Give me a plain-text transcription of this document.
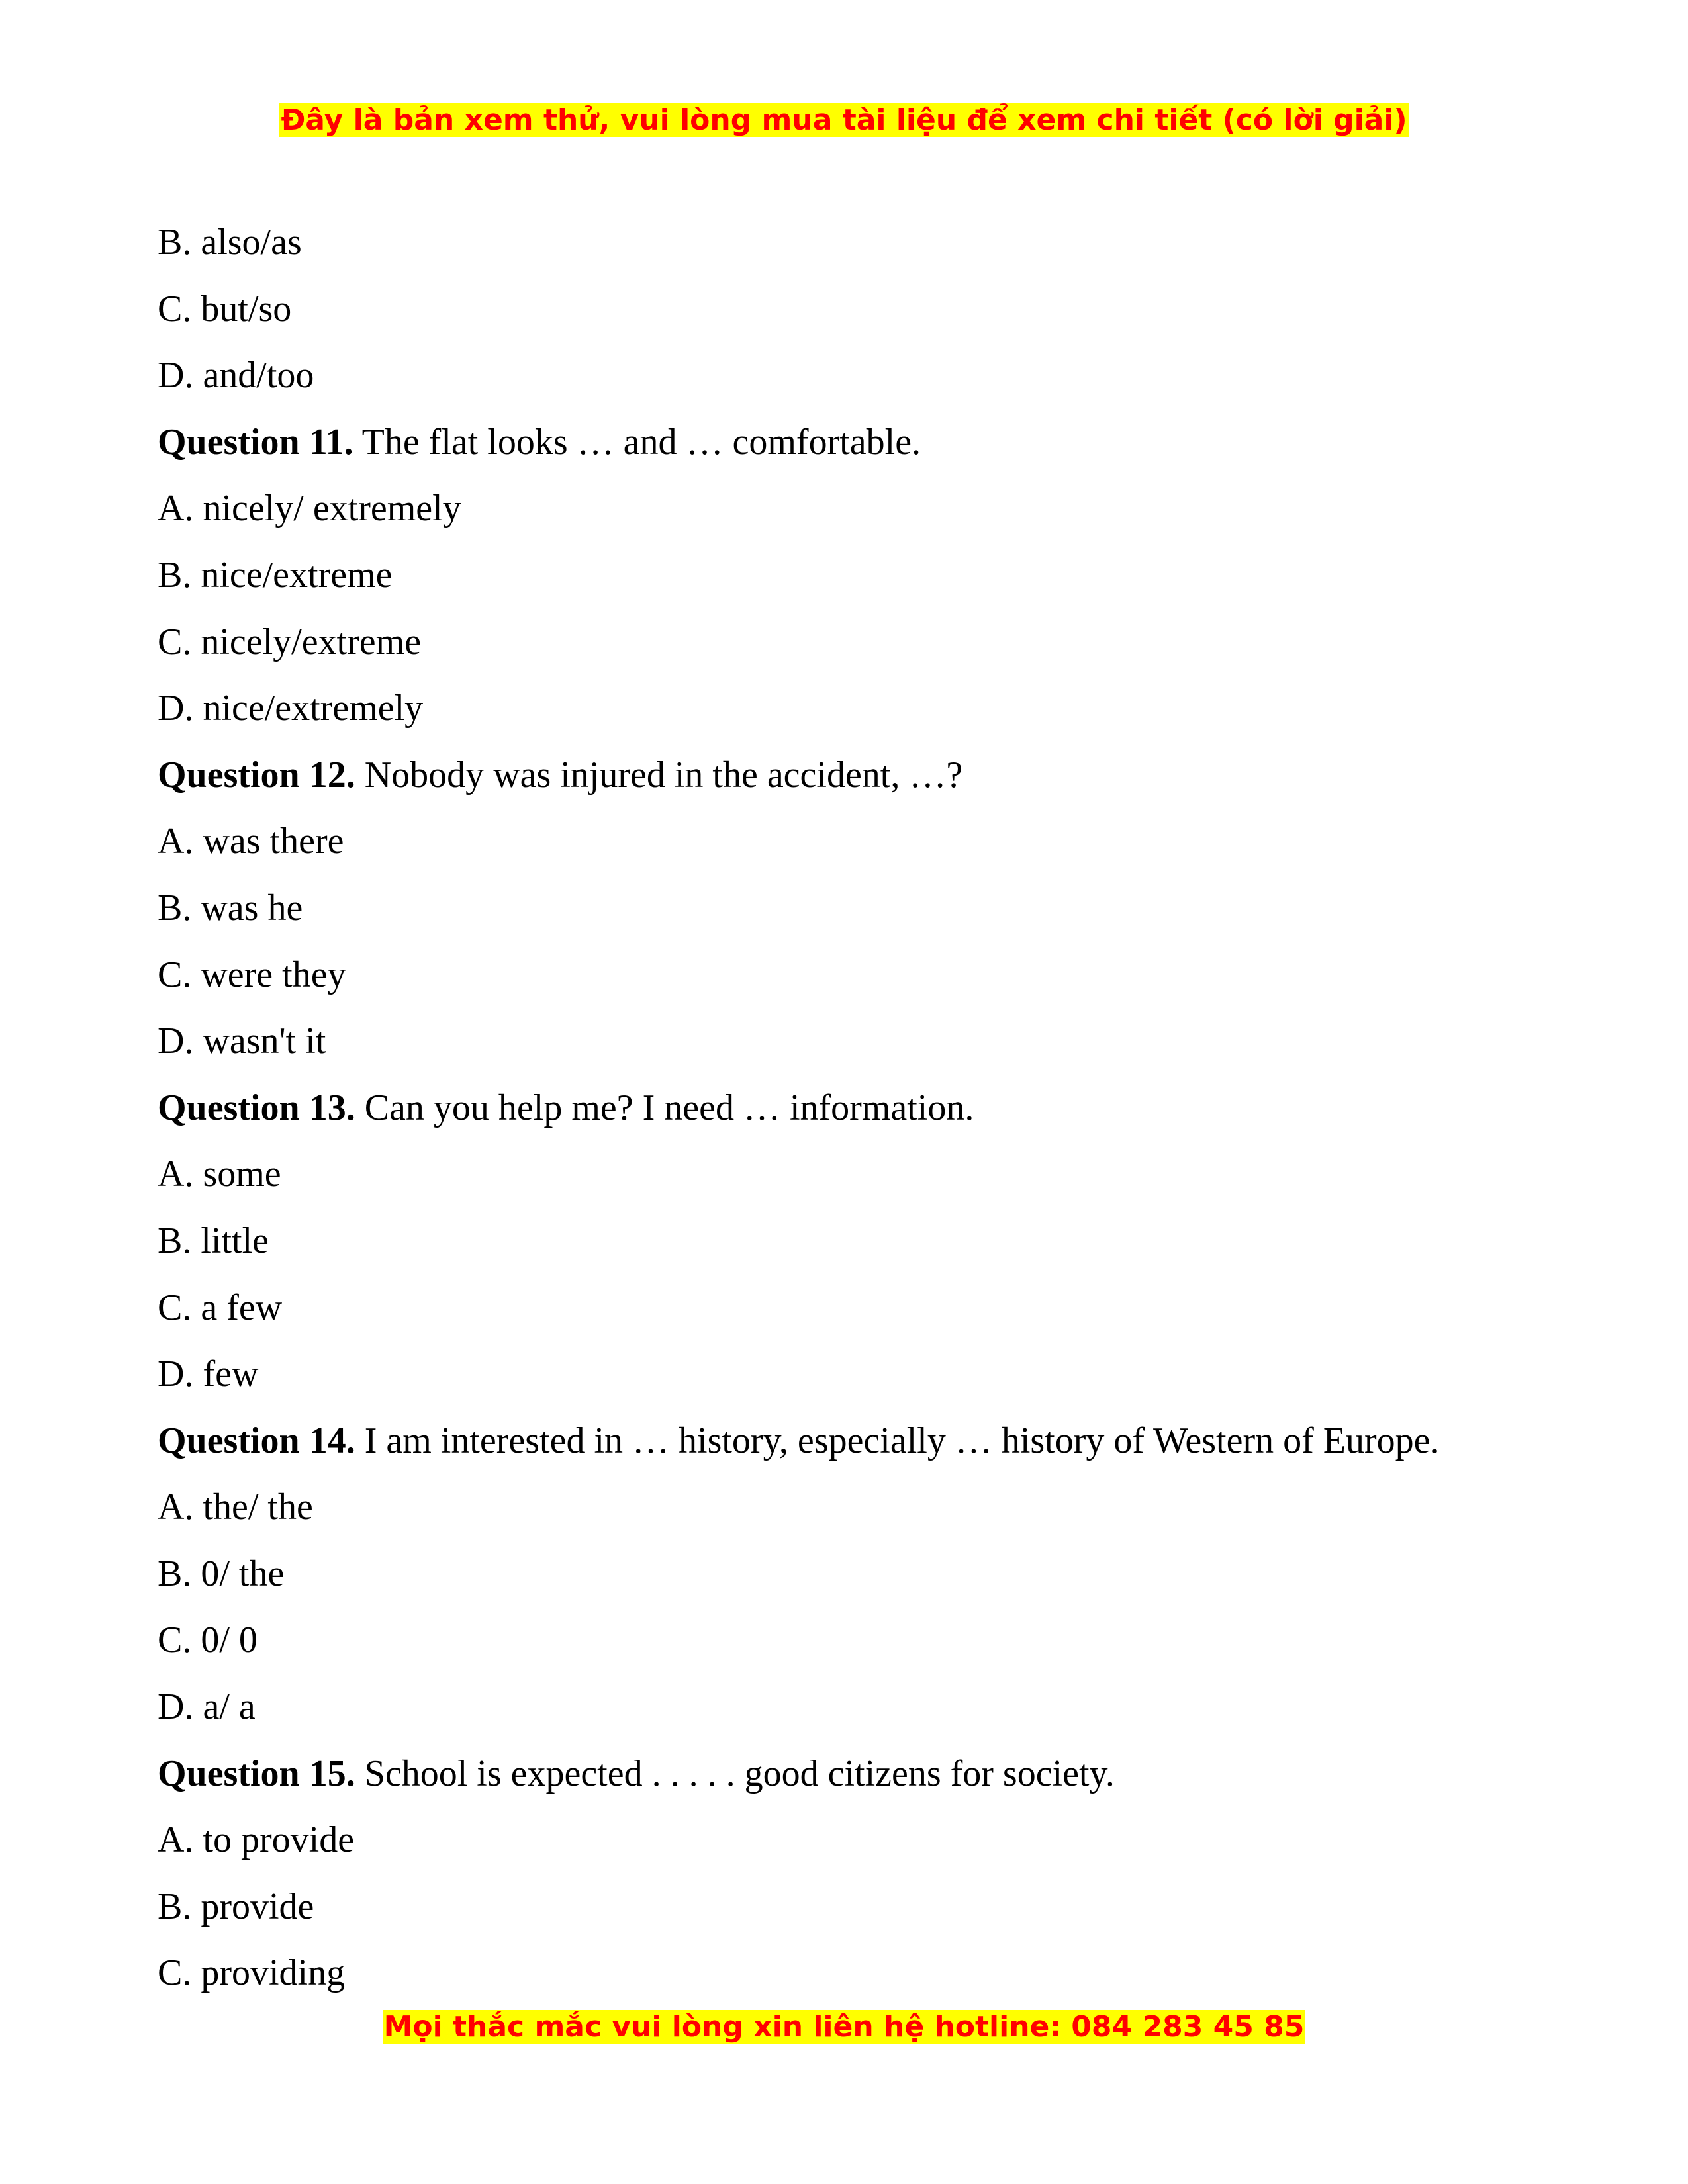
Đây là bản xem thử, vui lòng mua tài liệu để xem chi tiết (có lời giải)
B. also/as
C. but/so
D. and/too
Question 11. The flat looks … and … comfortable.
A. nicely/ extremely
B. nice/extreme
C. nicely/extreme
D. nice/extremely
Question 12. Nobody was injured in the accident, …?
A. was there
B. was he
C. were they
D. wasn't it
Question 13. Can you help me? I need … information.
A. some
B. little
C. a few
D. few
Question 14. I am interested in … history, especially … history of Western of Europe.
A. the/ the
B. 0/ the
C. 0/ 0
D. a/ a
Question 15. School is expected . . . . . good citizens for society.
A. to provide
B. provide
C. providing
Mọi thắc mắc vui lòng xin liên hệ hotline: 084 283 45 85
